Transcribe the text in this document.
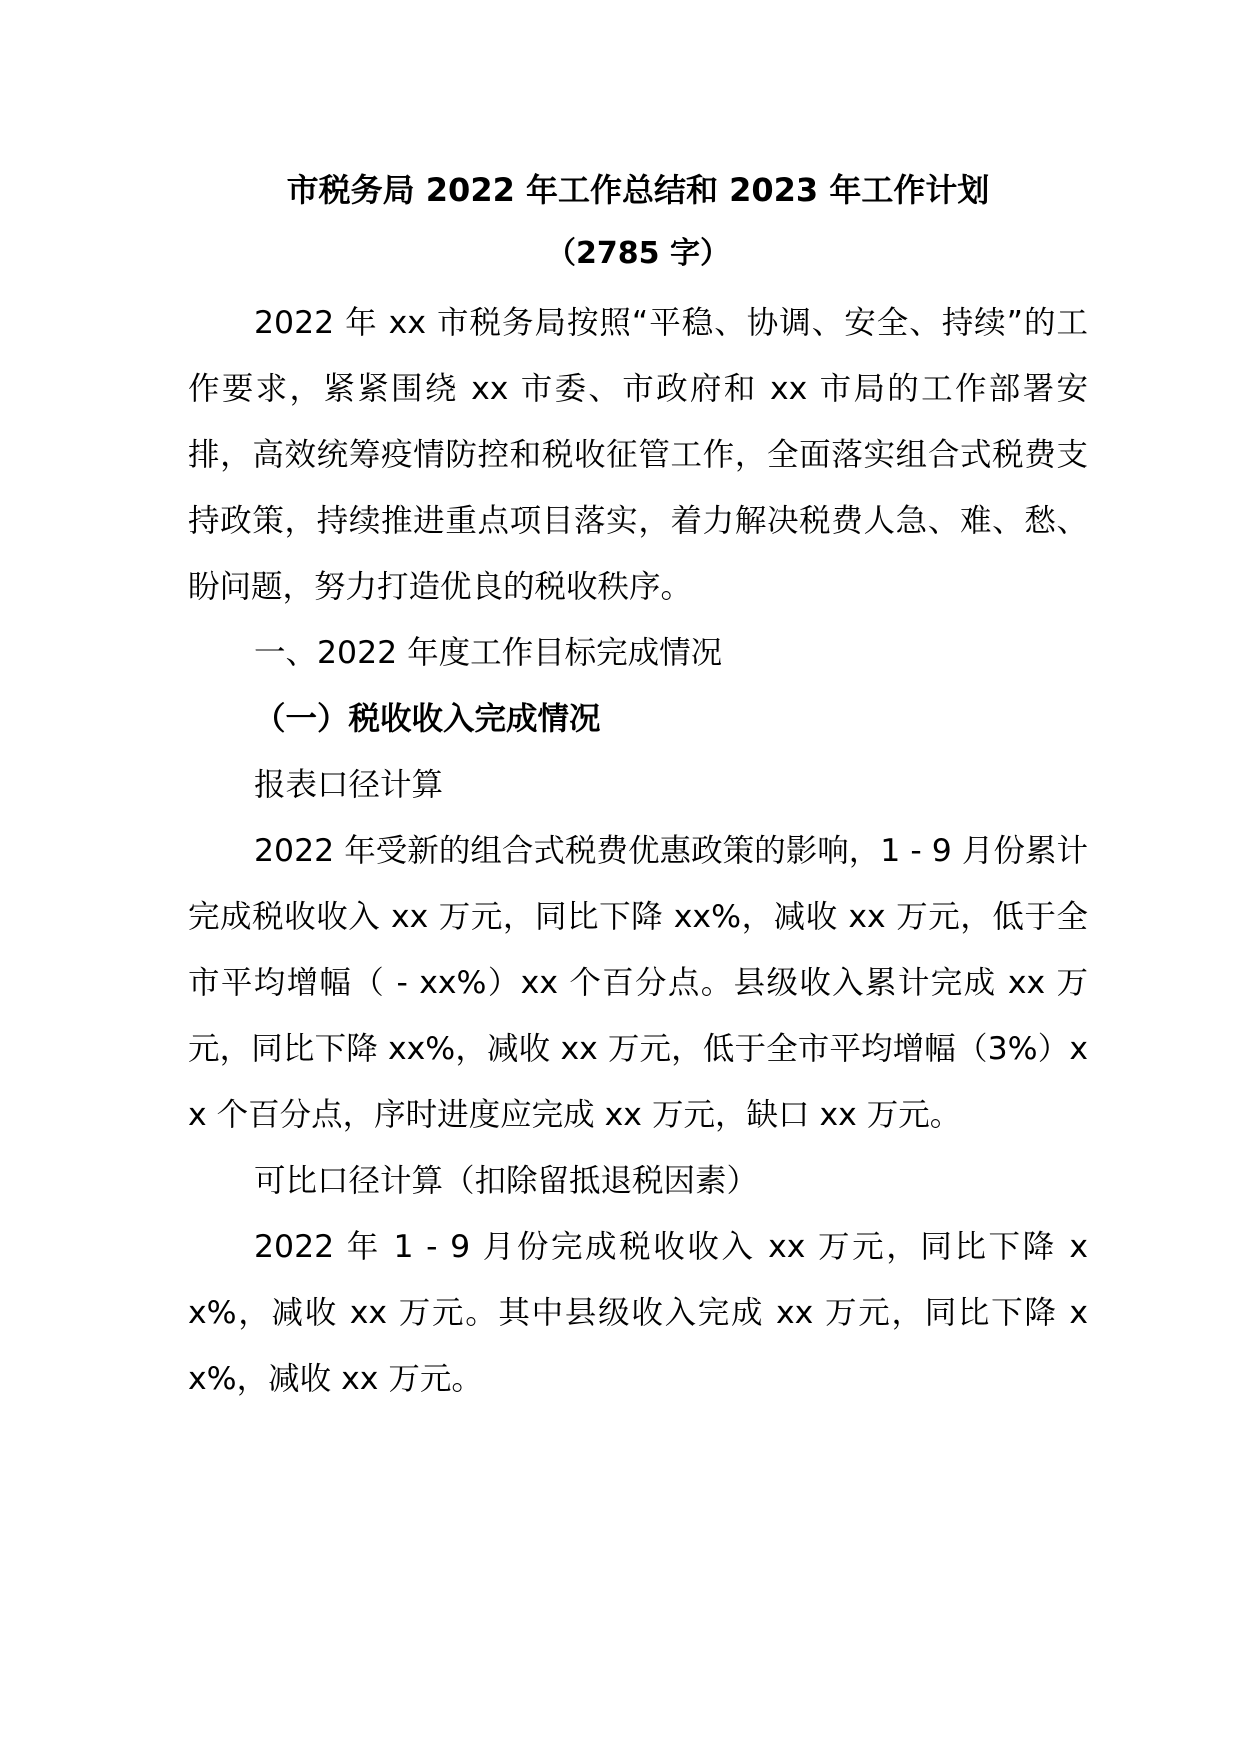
市税务局 2022 年工作总结和 2023 年工作计划

（2785 字）

2022 年 xx 市税务局按照“平稳、协调、安全、持续”的工作要求，紧紧围绕 xx 市委、市政府和 xx 市局的工作部署安排，高效统筹疫情防控和税收征管工作，全面落实组合式税费支持政策，持续推进重点项目落实，着力解决税费人急、难、愁、盼问题，努力打造优良的税收秩序。

一、2022 年度工作目标完成情况

（一）税收收入完成情况

报表口径计算

2022 年受新的组合式税费优惠政策的影响，1 - 9 月份累计完成税收收入 xx 万元，同比下降 xx%，减收 xx 万元，低于全市平均增幅（ - xx%）xx 个百分点。县级收入累计完成 xx 万元，同比下降 xx%，减收 xx 万元，低于全市平均增幅（3%）xx 个百分点，序时进度应完成 xx 万元，缺口 xx 万元。

可比口径计算（扣除留抵退税因素）

2022 年 1 - 9 月份完成税收收入 xx 万元，同比下降 xx%，减收 xx 万元。其中县级收入完成 xx 万元，同比下降 xx%，减收 xx 万元。
